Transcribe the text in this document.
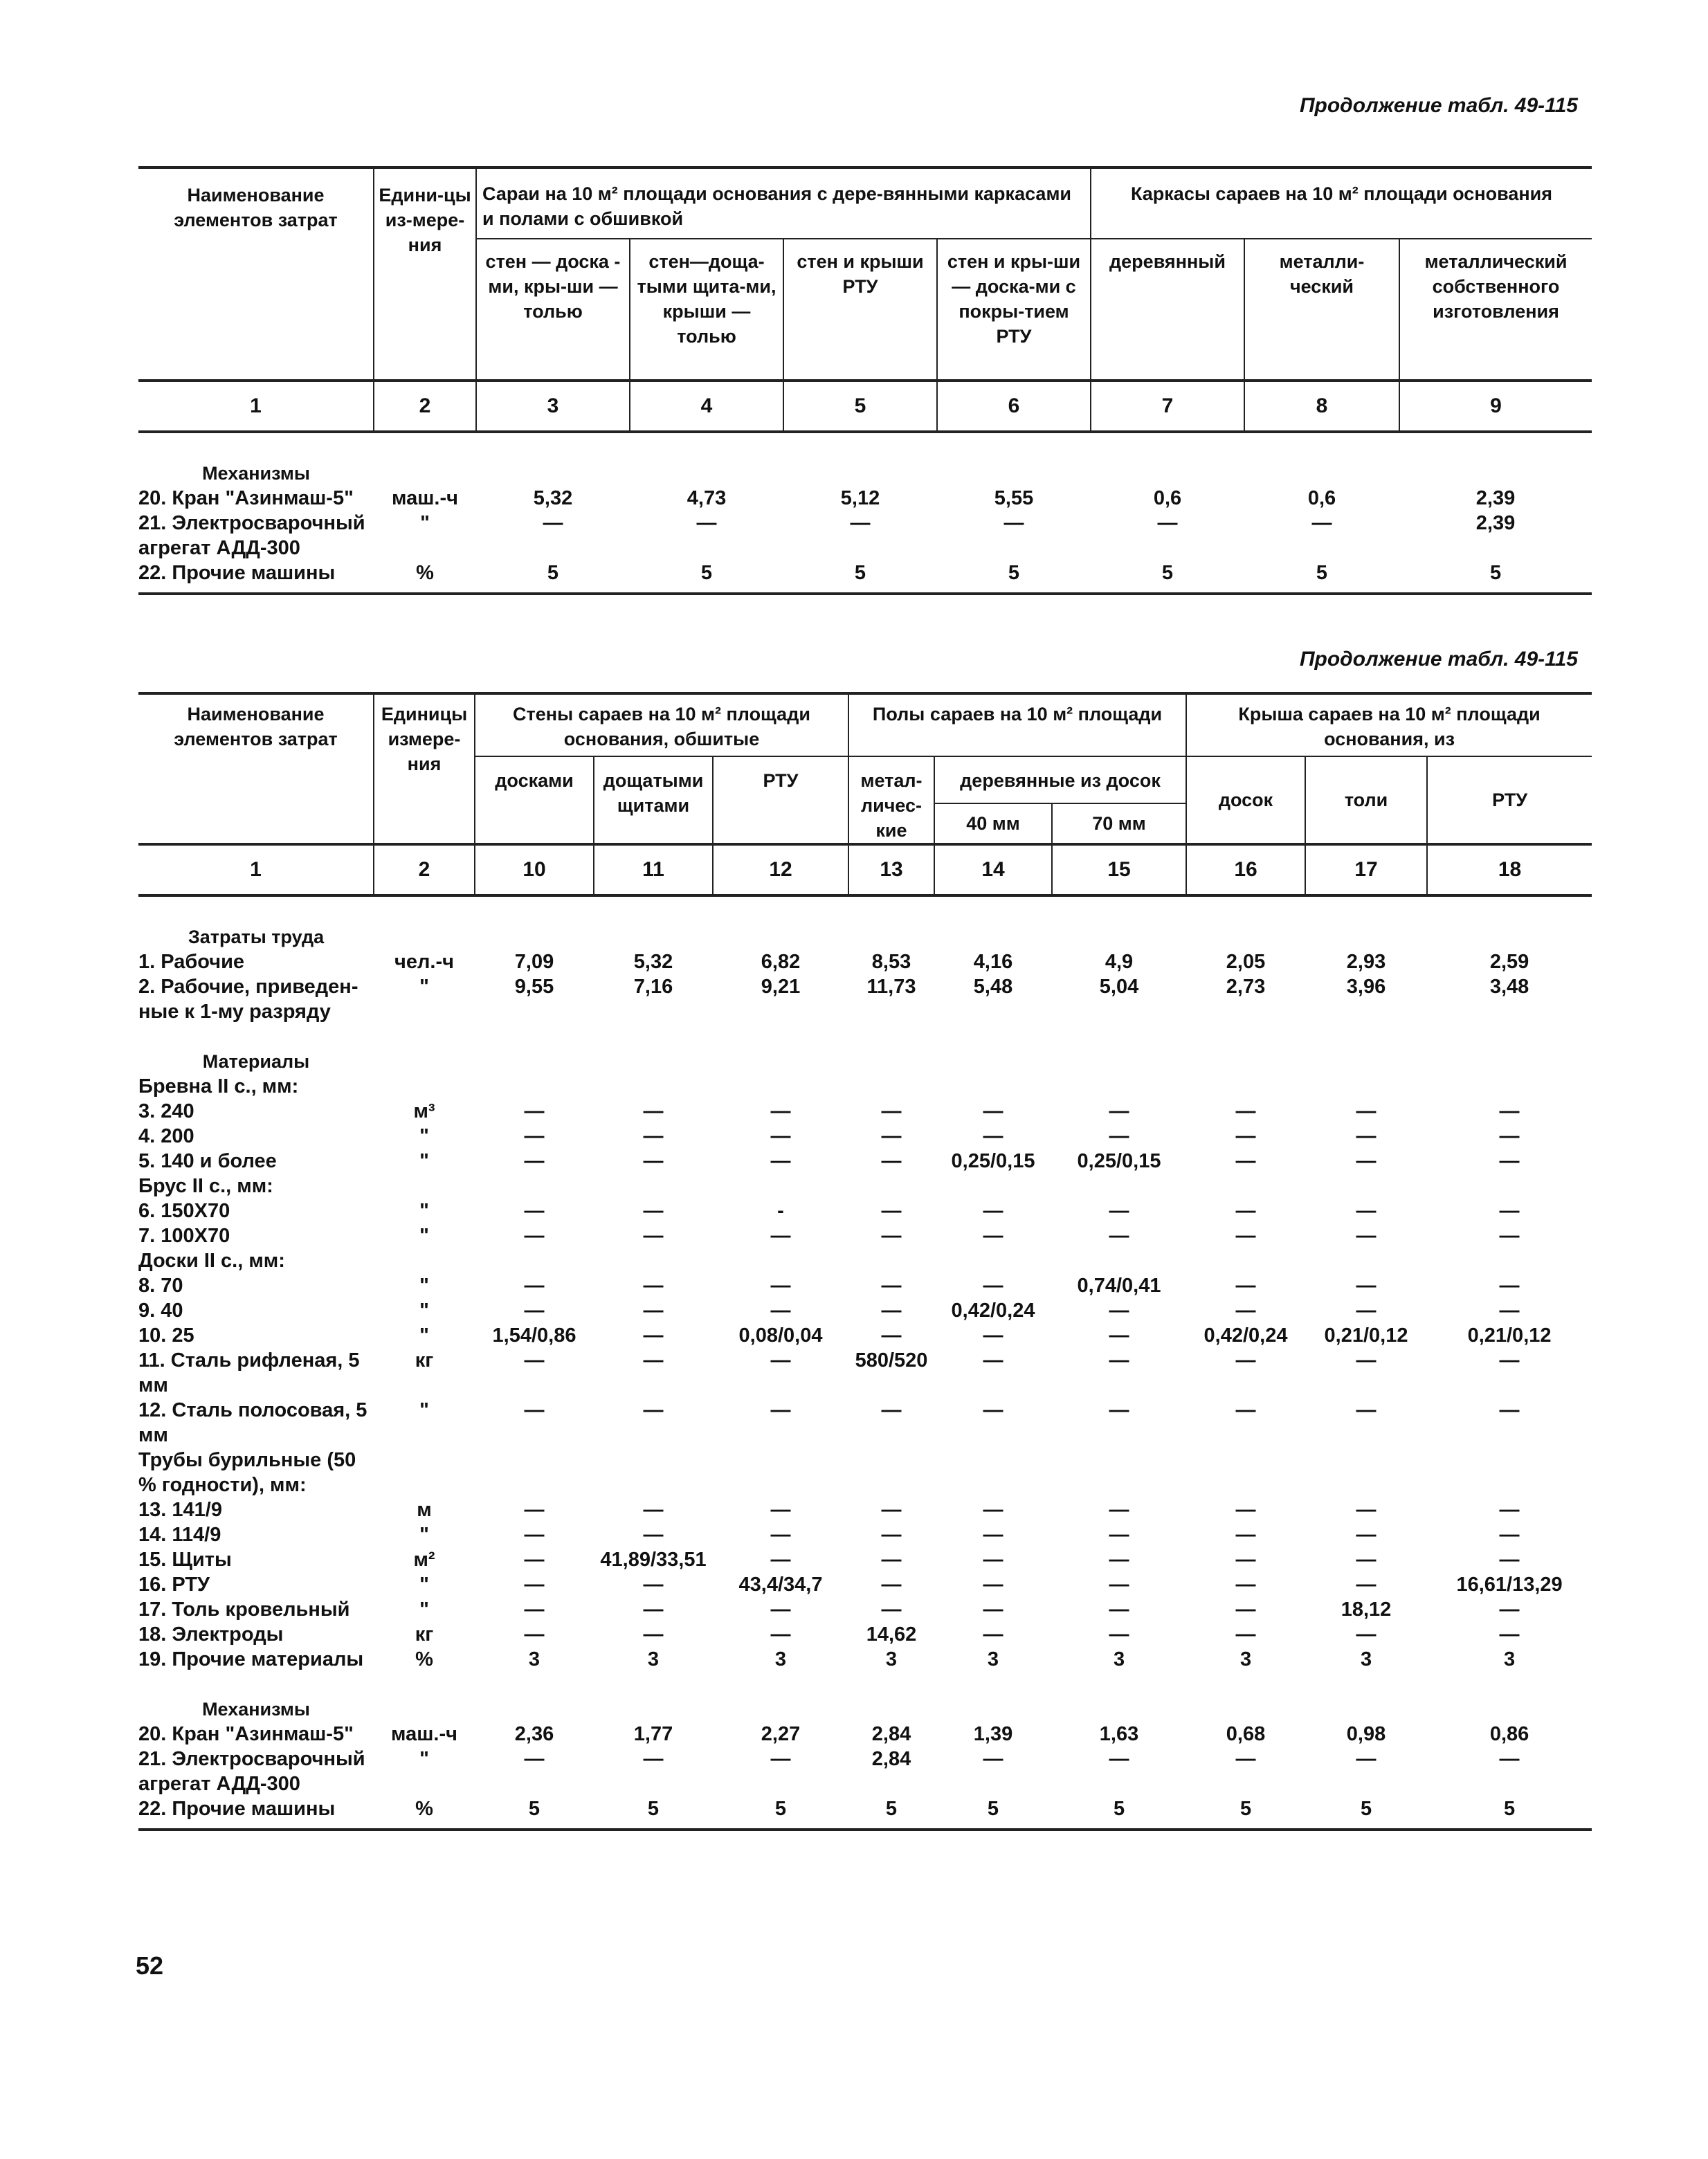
Продолжение табл. 49-115
Наименование элементов затрат	Едини-цы из-мере-ния	Сараи на 10 м² площади основания с дере-вянными каркасами и полами с обшивкой				Каркасы сараев на 10 м² площади основания		
		стен — доска - ми, кры-ши — толью	стен—доща-тыми щита-ми, крыши — толью	стен и крыши РТУ	стен и кры-ши — доска-ми с покры-тием РТУ	деревянный	металли-ческий	металлический собственного изготовления
1	2	3	4	5	6	7	8	9

Механизмы								
20. Кран "Азинмаш-5"	маш.-ч	5,32	4,73	5,12	5,55	0,6	0,6	2,39
21. Электросварочный агрегат АДД-300	"	—	—	—	—	—	—	2,39
22. Прочие машины	%	5	5	5	5	5	5	5
Продолжение табл. 49-115
Наименование элементов затрат	Единицы измере-ния	Стены сараев на 10 м² площади основания, обшитые			Полы сараев на 10 м² площади			Крыша сараев на 10 м² площади основания, из		
		досками	дощатыми щитами	РТУ	метал-личес-кие	деревянные из досок		досок	толи	РТУ
						40 мм	70 мм			
1	2	10	11	12	13	14	15	16	17	18

Затраты труда										
1. Рабочие	чел.-ч	7,09	5,32	6,82	8,53	4,16	4,9	2,05	2,93	2,59
2. Рабочие, приведен-ные к 1-му разряду	"	9,55	7,16	9,21	11,73	5,48	5,04	2,73	3,96	3,48

Материалы										
Бревна II с., мм:										
3. 240	м³	—	—	—	—	—	—	—	—	—
4. 200	"	—	—	—	—	—	—	—	—	—
5. 140 и более	"	—	—	—	—	0,25/0,15	0,25/0,15	—	—	—
Брус II с., мм:										
6. 150X70	"	—	—	-	—	—	—	—	—	—
7. 100X70	"	—	—	—	—	—	—	—	—	—
Доски II с., мм:										
8. 70	"	—	—	—	—	—	0,74/0,41	—	—	—
9. 40	"	—	—	—	—	0,42/0,24	—	—	—	—
10. 25	"	1,54/0,86	—	0,08/0,04	—	—	—	0,42/0,24	0,21/0,12	0,21/0,12
11. Сталь рифленая, 5 мм	кг	—	—	—	580/520	—	—	—	—	—
12. Сталь полосовая, 5 мм	"	—	—	—	—	—	—	—	—	—
Трубы бурильные (50 % годности), мм:										
13. 141/9	м	—	—	—	—	—	—	—	—	—
14. 114/9	"	—	—	—	—	—	—	—	—	—
15. Щиты	м²	—	41,89/33,51	—	—	—	—	—	—	—
16. РТУ	"	—	—	43,4/34,7	—	—	—	—	—	16,61/13,29
17. Толь кровельный	"	—	—	—	—	—	—	—	18,12	—
18. Электроды	кг	—	—	—	14,62	—	—	—	—	—
19. Прочие материалы	%	3	3	3	3	3	3	3	3	3

Механизмы										
20. Кран "Азинмаш-5"	маш.-ч	2,36	1,77	2,27	2,84	1,39	1,63	0,68	0,98	0,86
21. Электросварочный агрегат АДД-300	"	—	—	—	2,84	—	—	—	—	—
22. Прочие машины	%	5	5	5	5	5	5	5	5	5
52
